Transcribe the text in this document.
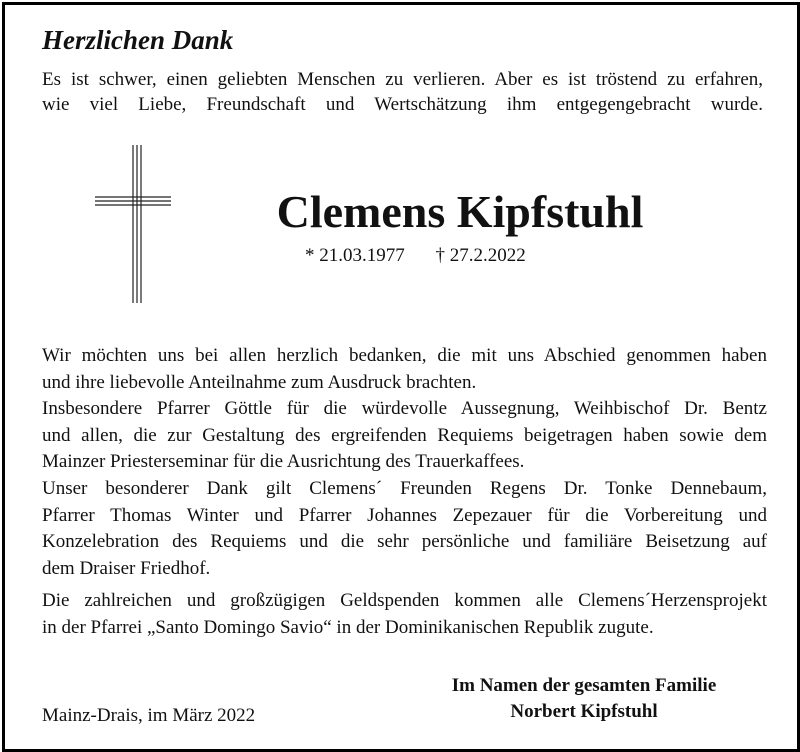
Herzlichen Dank
Es ist schwer, einen geliebten Menschen zu verlieren. Aber es ist tröstend zu erfahren,
wie viel Liebe, Freundschaft und Wertschätzung ihm entgegengebracht wurde.
Clemens Kipfstuhl
* 21.03.1977 † 27.2.2022
Wir möchten uns bei allen herzlich bedanken, die mit uns Abschied genommen haben
und ihre liebevolle Anteilnahme zum Ausdruck brachten.
Insbesondere Pfarrer Göttle für die würdevolle Aussegnung, Weihbischof Dr. Bentz
und allen, die zur Gestaltung des ergreifenden Requiems beigetragen haben sowie dem
Mainzer Priesterseminar für die Ausrichtung des Trauerkaffees.
Unser besonderer Dank gilt Clemens´ Freunden Regens Dr. Tonke Dennebaum,
Pfarrer Thomas Winter und Pfarrer Johannes Zepezauer für die Vorbereitung und
Konzelebration des Requiems und die sehr persönliche und familiäre Beisetzung auf
dem Draiser Friedhof.
Die zahlreichen und großzügigen Geldspenden kommen alle Clemens´Herzensprojekt
in der Pfarrei „Santo Domingo Savio“ in der Dominikanischen Republik zugute.
Im Namen der gesamten Familie
Norbert Kipfstuhl
Mainz-Drais, im März 2022
